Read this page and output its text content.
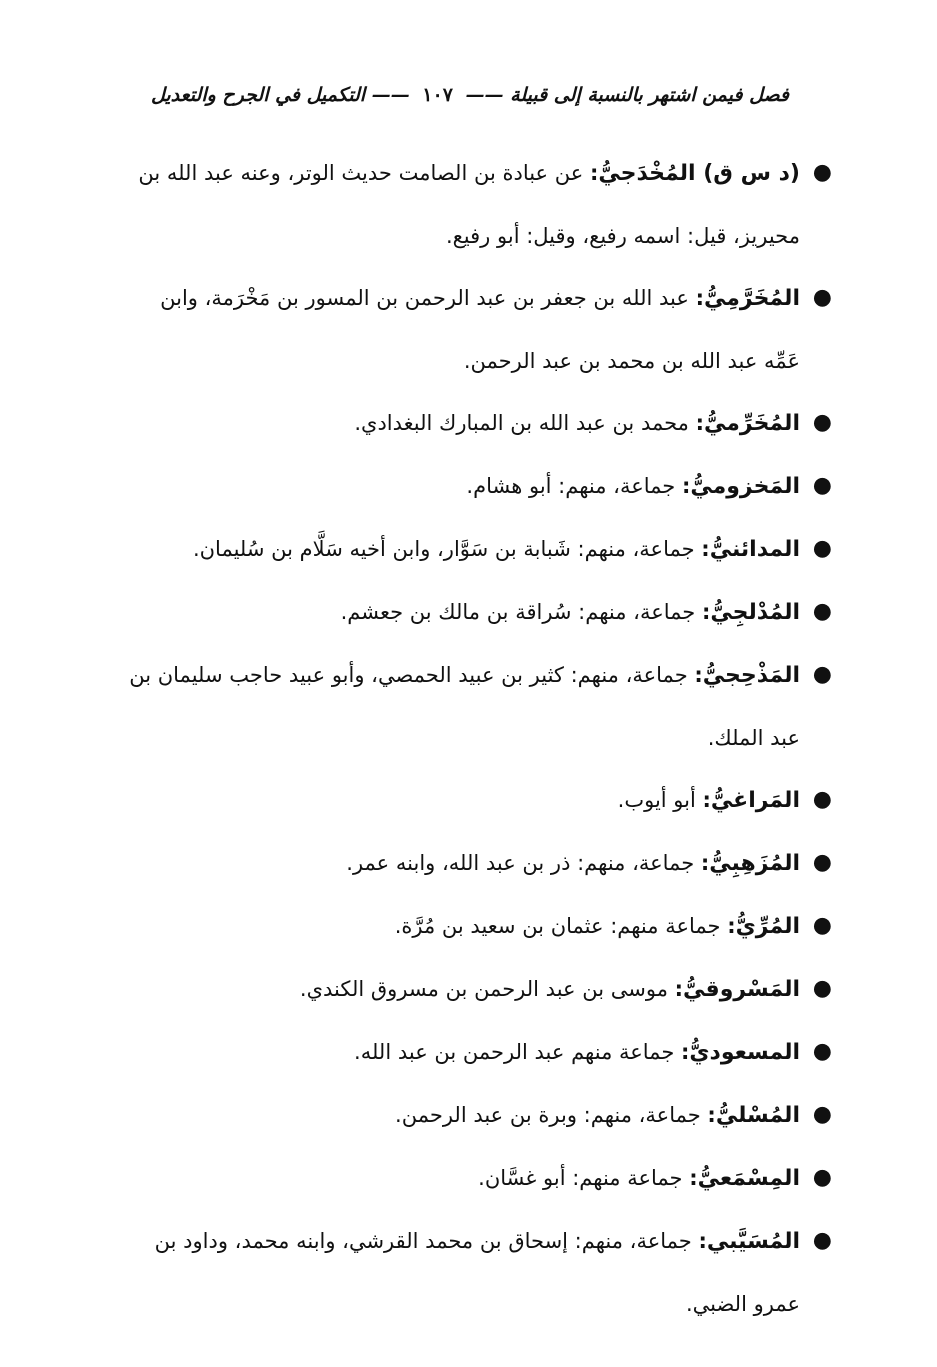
فصل فيمن اشتهر بالنسبة إلى قبيلة —— ١٠٧ —— التكميل في الجرح والتعديل
●
(د س ق) المُخْدَجيُّ: عن عبادة بن الصامت حديث الوتر، وعنه عبد الله بن محيريز، قيل: اسمه رفيع، وقيل: أبو رفيع.
●
المُخَرَّمِيُّ: عبد الله بن جعفر بن عبد الرحمن بن المسور بن مَخْرَمة، وابن عَمِّه عبد الله بن محمد بن عبد الرحمن.
●
المُخَرِّميُّ: محمد بن عبد الله بن المبارك البغدادي.
●
المَخزوميُّ: جماعة، منهم: أبو هشام.
●
المدائنيُّ: جماعة، منهم: شَبابة بن سَوَّار، وابن أخيه سَلَّام بن سُليمان.
●
المُدْلجِيُّ: جماعة، منهم: سُراقة بن مالك بن جعشم.
●
المَذْحِجيُّ: جماعة، منهم: كثير بن عبيد الحمصي، وأبو عبيد حاجب سليمان بن عبد الملك.
●
المَراغيُّ: أبو أيوب.
●
المُزَهِبِيُّ: جماعة، منهم: ذر بن عبد الله، وابنه عمر.
●
المُرِّيُّ: جماعة منهم: عثمان بن سعيد بن مُرَّة.
●
المَسْروقيُّ: موسى بن عبد الرحمن بن مسروق الكندي.
●
المسعوديُّ: جماعة منهم عبد الرحمن بن عبد الله.
●
المُسْليُّ: جماعة، منهم: وبرة بن عبد الرحمن.
●
المِسْمَعيُّ: جماعة منهم: أبو غسَّان.
●
المُسَيَّبي: جماعة، منهم: إسحاق بن محمد القرشي، وابنه محمد، وداود بن عمرو الضبي.
